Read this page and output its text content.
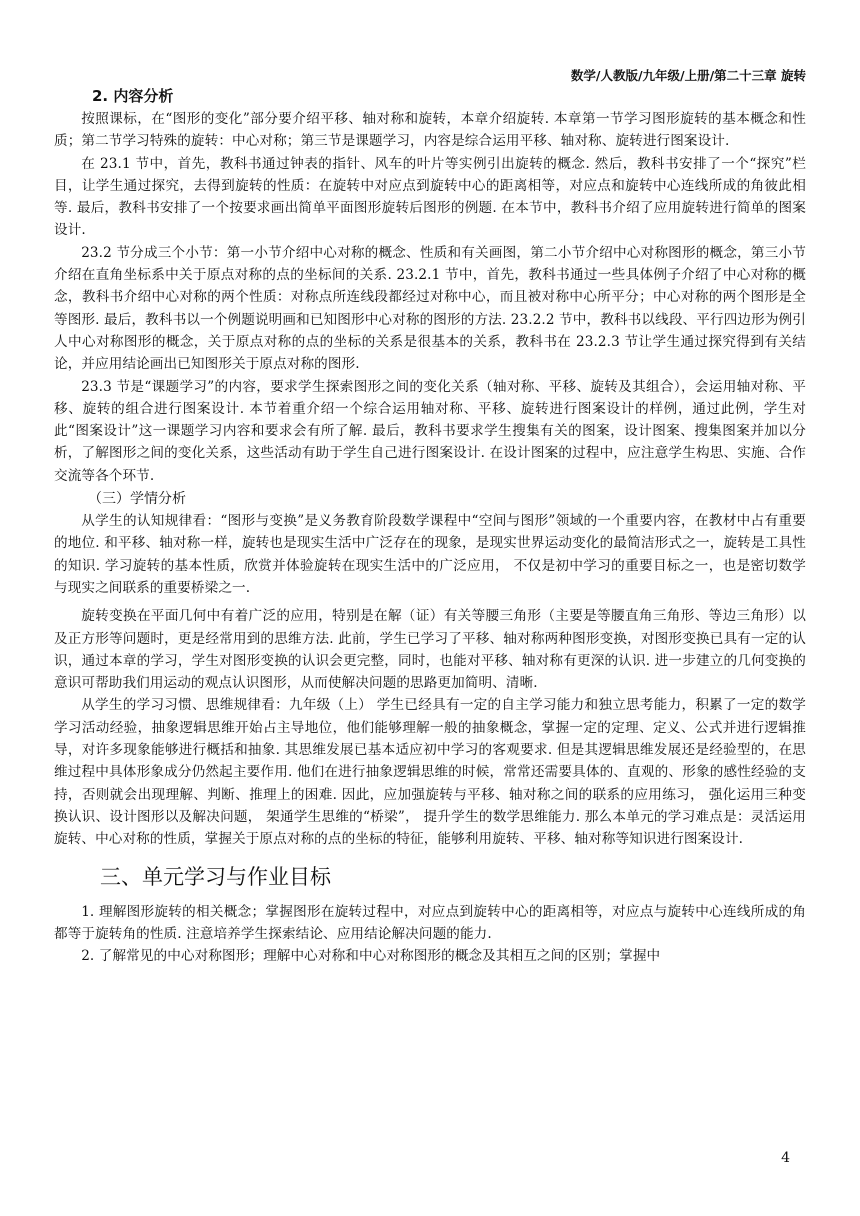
数学/人教版/九年级/上册/第二十三章 旋转
2. 内容分析

按照课标，在“图形的变化”部分要介绍平移、轴对称和旋转，本章介绍旋转. 本章第一节学习图形旋转的基本概念和性质；第二节学习特殊的旋转：中心对称；第三节是课题学习，内容是综合运用平移、轴对称、旋转进行图案设计.

在 23.1 节中，首先，教科书通过钟表的指针、风车的叶片等实例引出旋转的概念. 然后，教科书安排了一个“探究”栏目，让学生通过探究，去得到旋转的性质：在旋转中对应点到旋转中心的距离相等，对应点和旋转中心连线所成的角彼此相等. 最后，教科书安排了一个按要求画出简单平面图形旋转后图形的例题. 在本节中，教科书介绍了应用旋转进行简单的图案设计.

23.2 节分成三个小节：第一小节介绍中心对称的概念、性质和有关画图，第二小节介绍中心对称图形的概念，第三小节介绍在直角坐标系中关于原点对称的点的坐标间的关系. 23.2.1 节中，首先，教科书通过一些具体例子介绍了中心对称的概念，教科书介绍中心对称的两个性质：对称点所连线段都经过对称中心，而且被对称中心所平分；中心对称的两个图形是全等图形. 最后，教科书以一个例题说明画和已知图形中心对称的图形的方法. 23.2.2 节中，教科书以线段、平行四边形为例引人中心对称图形的概念，关于原点对称的点的坐标的关系是很基本的关系，教科书在 23.2.3 节让学生通过探究得到有关结论，并应用结论画出已知图形关于原点对称的图形.

23.3 节是“课题学习”的内容，要求学生探索图形之间的变化关系（轴对称、平移、旋转及其组合），会运用轴对称、平移、旋转的组合进行图案设计. 本节着重介绍一个综合运用轴对称、平移、旋转进行图案设计的样例，通过此例，学生对此“图案设计”这一课题学习内容和要求会有所了解. 最后，教科书要求学生搜集有关的图案，设计图案、搜集图案并加以分析，了解图形之间的变化关系，这些活动有助于学生自己进行图案设计. 在设计图案的过程中，应注意学生构思、实施、合作交流等各个环节.

（三）学情分析

从学生的认知规律看：“图形与变换”是义务教育阶段数学课程中“空间与图形”领域的一个重要内容，在教材中占有重要的地位. 和平移、轴对称一样，旋转也是现实生活中广泛存在的现象，是现实世界运动变化的最简洁形式之一，旋转是工具性的知识. 学习旋转的基本性质，欣赏并体验旋转在现实生活中的广泛应用， 不仅是初中学习的重要目标之一，也是密切数学与现实之间联系的重要桥梁之一.

旋转变换在平面几何中有着广泛的应用，特别是在解（证）有关等腰三角形（主要是等腰直角三角形、等边三角形）以及正方形等问题时，更是经常用到的思维方法. 此前，学生已学习了平移、轴对称两种图形变换，对图形变换已具有一定的认识，通过本章的学习，学生对图形变换的认识会更完整，同时，也能对平移、轴对称有更深的认识. 进一步建立的几何变换的意识可帮助我们用运动的观点认识图形，从而使解决问题的思路更加简明、清晰.

从学生的学习习惯、思维规律看：九年级（上） 学生已经具有一定的自主学习能力和独立思考能力，积累了一定的数学学习活动经验，抽象逻辑思维开始占主导地位，他们能够理解一般的抽象概念，掌握一定的定理、定义、公式并进行逻辑推导，对许多现象能够进行概括和抽象. 其思维发展已基本适应初中学习的客观要求. 但是其逻辑思维发展还是经验型的，在思维过程中具体形象成分仍然起主要作用. 他们在进行抽象逻辑思维的时候，常常还需要具体的、直观的、形象的感性经验的支持，否则就会出现理解、判断、推理上的困难. 因此，应加强旋转与平移、轴对称之间的联系的应用练习， 强化运用三种变换认识、设计图形以及解决问题， 架通学生思维的“桥梁”， 提升学生的数学思维能力. 那么本单元的学习难点是：灵活运用旋转、中心对称的性质，掌握关于原点对称的点的坐标的特征，能够利用旋转、平移、轴对称等知识进行图案设计.

三、单元学习与作业目标

1. 理解图形旋转的相关概念；掌握图形在旋转过程中，对应点到旋转中心的距离相等，对应点与旋转中心连线所成的角都等于旋转角的性质. 注意培养学生探索结论、应用结论解决问题的能力.

2. 了解常见的中心对称图形；理解中心对称和中心对称图形的概念及其相互之间的区别；掌握中

4
